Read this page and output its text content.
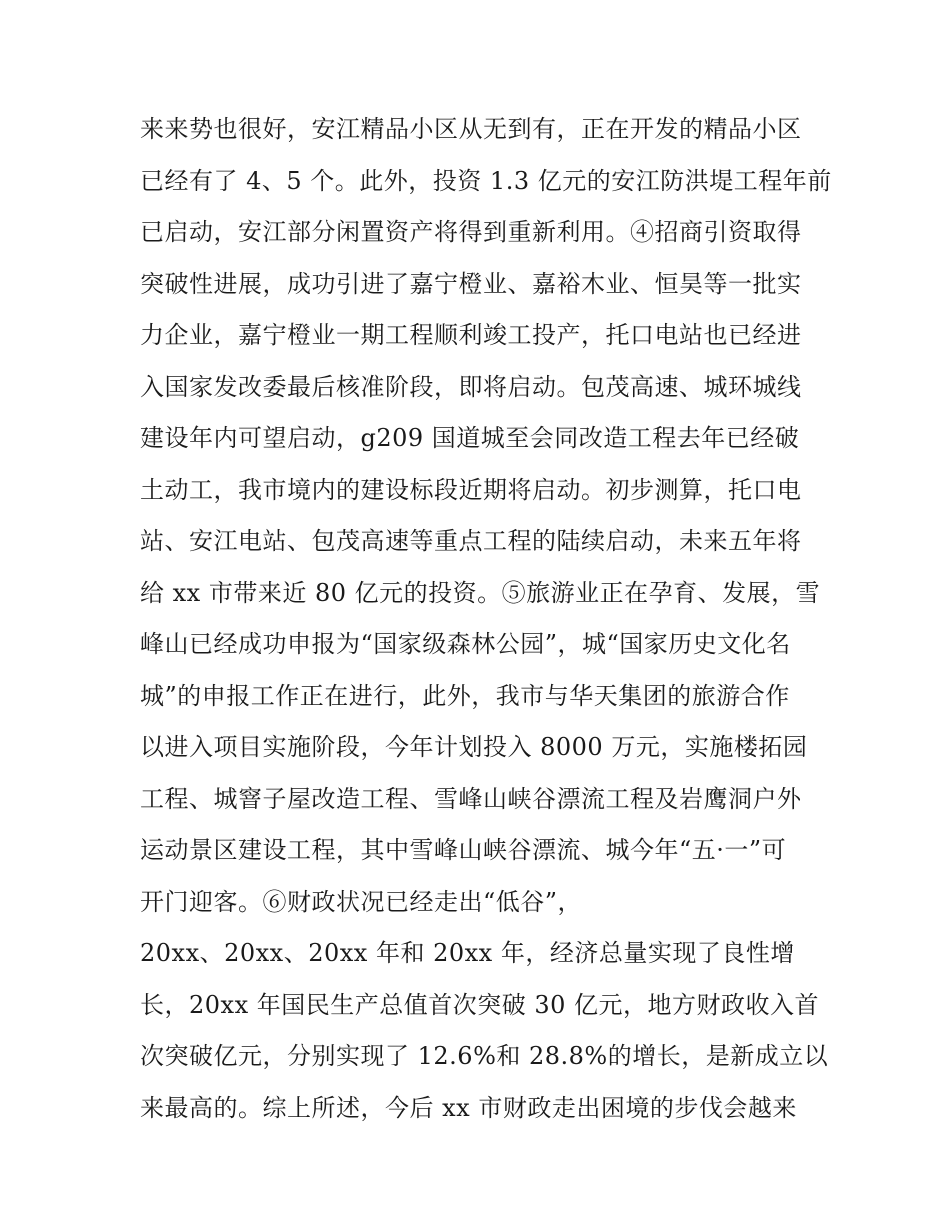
来来势也很好，安江精品小区从无到有，正在开发的精品小区
已经有了 4、5 个。此外，投资 1.3 亿元的安江防洪堤工程年前
已启动，安江部分闲置资产将得到重新利用。④招商引资取得
突破性进展，成功引进了嘉宁橙业、嘉裕木业、恒昊等一批实
力企业，嘉宁橙业一期工程顺利竣工投产，托口电站也已经进
入国家发改委最后核准阶段，即将启动。包茂高速、城环城线
建设年内可望启动，g209 国道城至会同改造工程去年已经破
土动工，我市境内的建设标段近期将启动。初步测算，托口电
站、安江电站、包茂高速等重点工程的陆续启动，未来五年将
给 xx 市带来近 80 亿元的投资。⑤旅游业正在孕育、发展，雪
峰山已经成功申报为“国家级森林公园”，城“国家历史文化名
城”的申报工作正在进行，此外，我市与华天集团的旅游合作
以进入项目实施阶段，今年计划投入 8000 万元，实施楼拓园
工程、城窨子屋改造工程、雪峰山峡谷漂流工程及岩鹰洞户外
运动景区建设工程，其中雪峰山峡谷漂流、城今年“五·一”可
开门迎客。⑥财政状况已经走出“低谷”，
20xx、20xx、20xx 年和 20xx 年，经济总量实现了良性增
长，20xx 年国民生产总值首次突破 30 亿元，地方财政收入首
次突破亿元，分别实现了 12.6%和 28.8%的增长，是新成立以
来最高的。综上所述，今后 xx 市财政走出困境的步伐会越来
